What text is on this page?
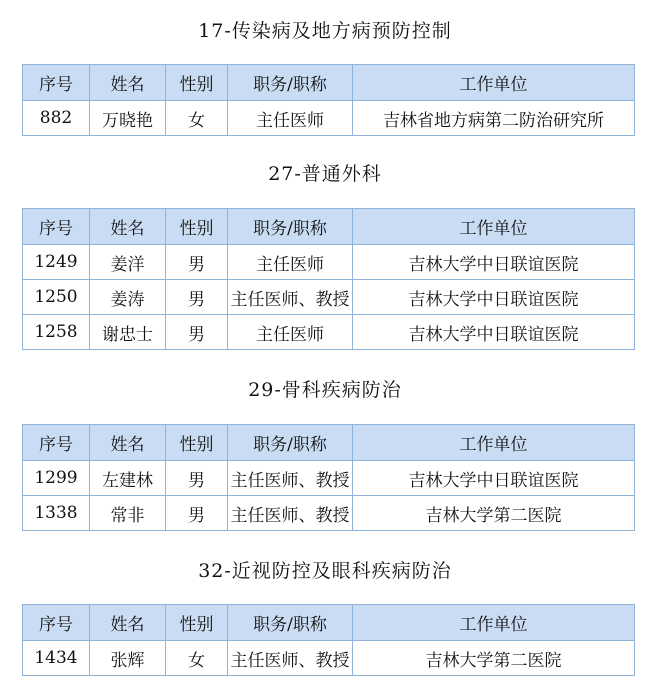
17-传染病及地方病预防控制
序号	姓名	性别	职务/职称	工作单位
882	万晓艳	女	主任医师	吉林省地方病第二防治研究所
27-普通外科
序号	姓名	性别	职务/职称	工作单位
1249	姜洋	男	主任医师	吉林大学中日联谊医院
1250	姜涛	男	主任医师、教授	吉林大学中日联谊医院
1258	谢忠士	男	主任医师	吉林大学中日联谊医院
29-骨科疾病防治
序号	姓名	性别	职务/职称	工作单位
1299	左建林	男	主任医师、教授	吉林大学中日联谊医院
1338	常非	男	主任医师、教授	吉林大学第二医院
32-近视防控及眼科疾病防治
序号	姓名	性别	职务/职称	工作单位
1434	张辉	女	主任医师、教授	吉林大学第二医院
